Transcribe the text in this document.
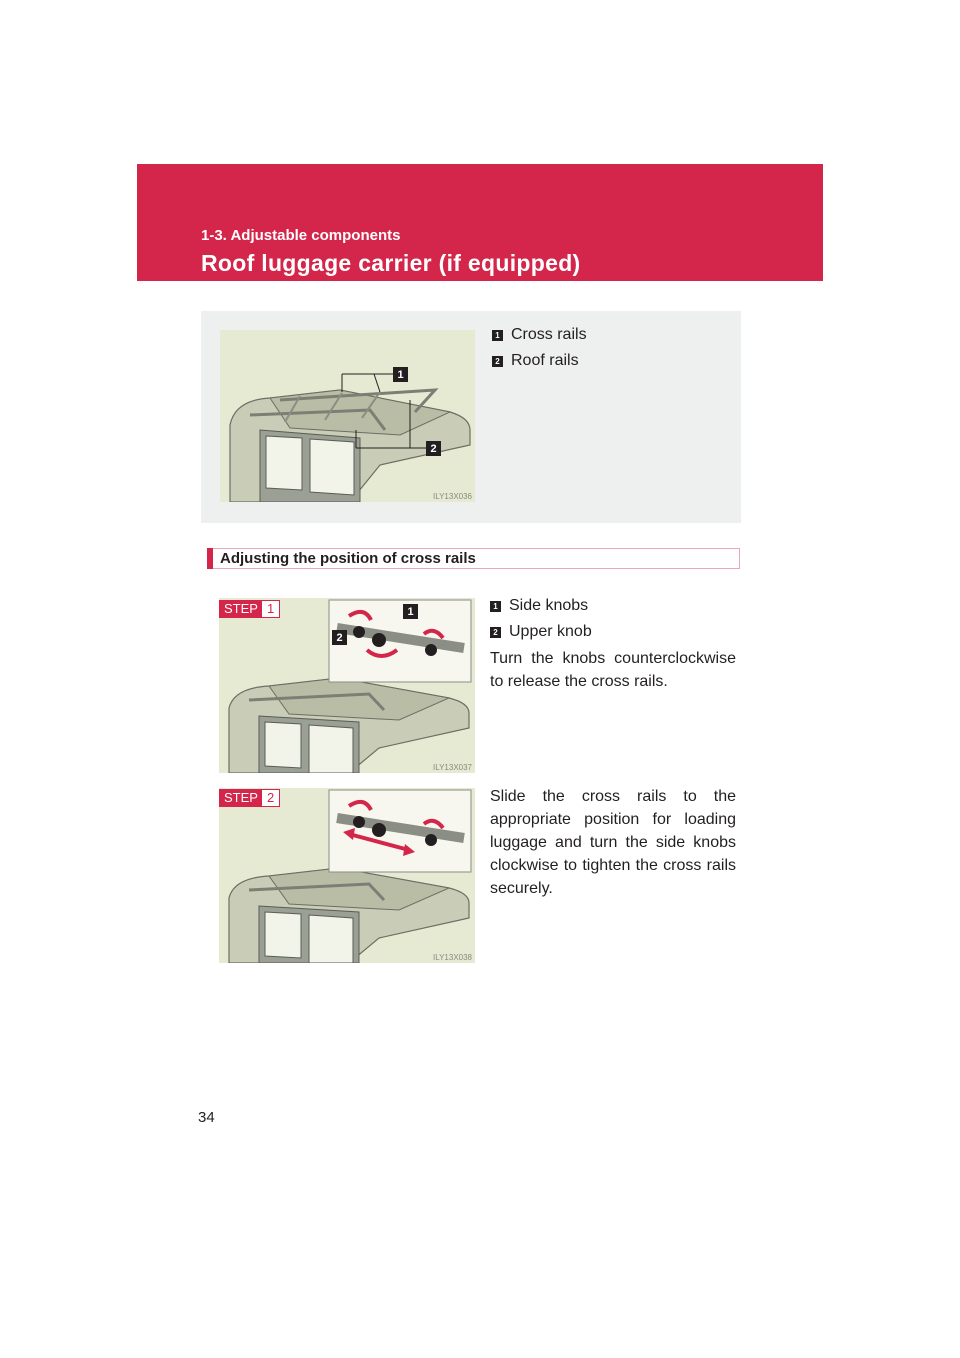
1-3. Adjustable components
Roof luggage carrier (if equipped)
1
2
ILY13X036
1 Cross rails
2 Roof rails
Adjusting the position of cross rails
1
2
ILY13X037
STEP 1	1 Side knobs
2 Upper knob
Turn the knobs counterclockwise to release the cross rails.
ILY13X038
STEP 2	Slide the cross rails to the appropriate position for loading luggage and turn the side knobs clockwise to tighten the cross rails securely.
34
